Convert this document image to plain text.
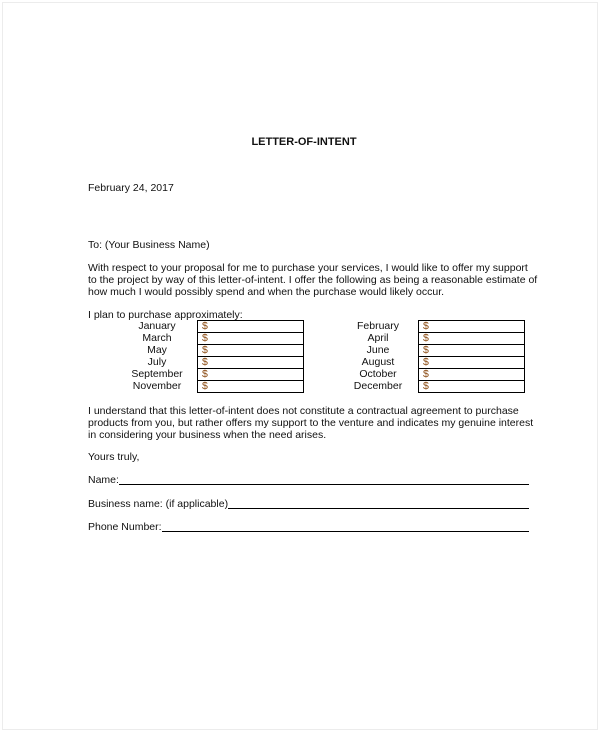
LETTER-OF-INTENT
February 24, 2017
To: (Your Business Name)
With respect to your proposal for me to purchase your services, I would like to offer my support to the project by way of this letter-of-intent. I offer the following as being a reasonable estimate of how much I would possibly spend and when the purchase would likely occur.
I plan to purchase approximately:
January	$
March	$
May	$
July	$
September	$
November	$
February	$
April	$
June	$
August	$
October	$
December	$
I understand that this letter-of-intent does not constitute a contractual agreement to purchase products from you, but rather offers my support to the venture and indicates my genuine interest in considering your business when the need arises.
Yours truly,
Name:
Business name: (if applicable)
Phone Number:
